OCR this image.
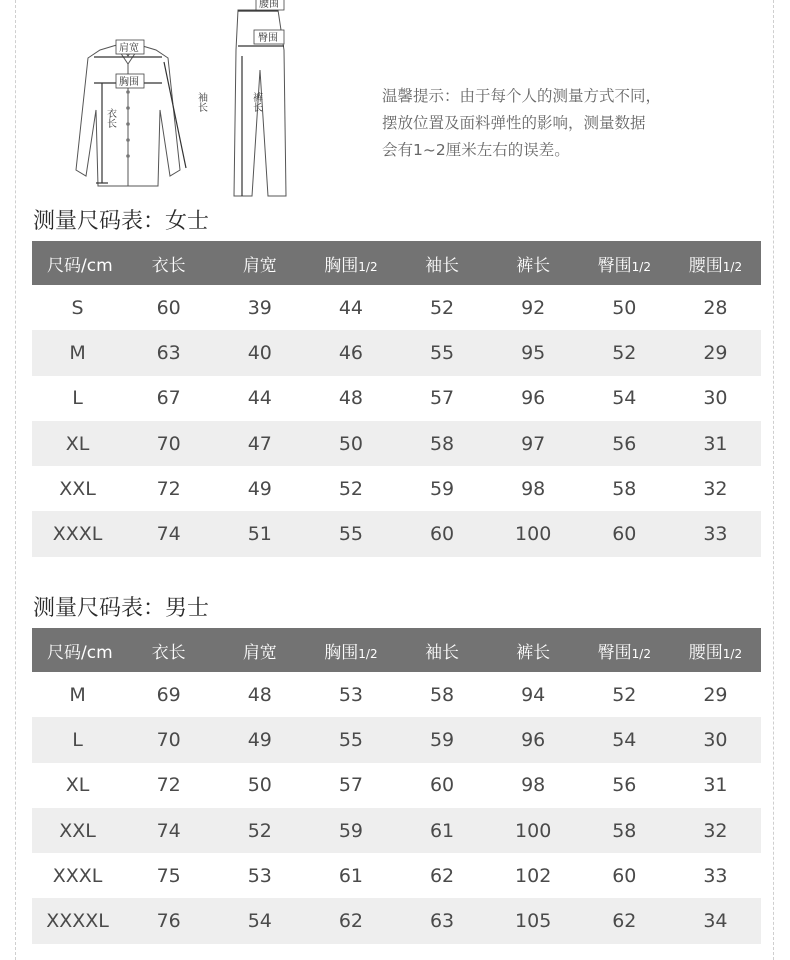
肩宽
胸围
腰围
臀围
衣长
袖长	裤长	温馨提示：由于每个人的测量方式不同，
摆放位置及面料弹性的影响，测量数据
会有1~2厘米左右的误差。
测量尺码表：女士
尺码/cm	衣长	肩宽	胸围1/2	袖长	裤长	臀围1/2	腰围1/2
S	60	39	44	52	92	50	28
M	63	40	46	55	95	52	29
L	67	44	48	57	96	54	30
XL	70	47	50	58	97	56	31
XXL	72	49	52	59	98	58	32
XXXL	74	51	55	60	100	60	33
测量尺码表：男士
尺码/cm	衣长	肩宽	胸围1/2	袖长	裤长	臀围1/2	腰围1/2
M	69	48	53	58	94	52	29
L	70	49	55	59	96	54	30
XL	72	50	57	60	98	56	31
XXL	74	52	59	61	100	58	32
XXXL	75	53	61	62	102	60	33
XXXXL	76	54	62	63	105	62	34
